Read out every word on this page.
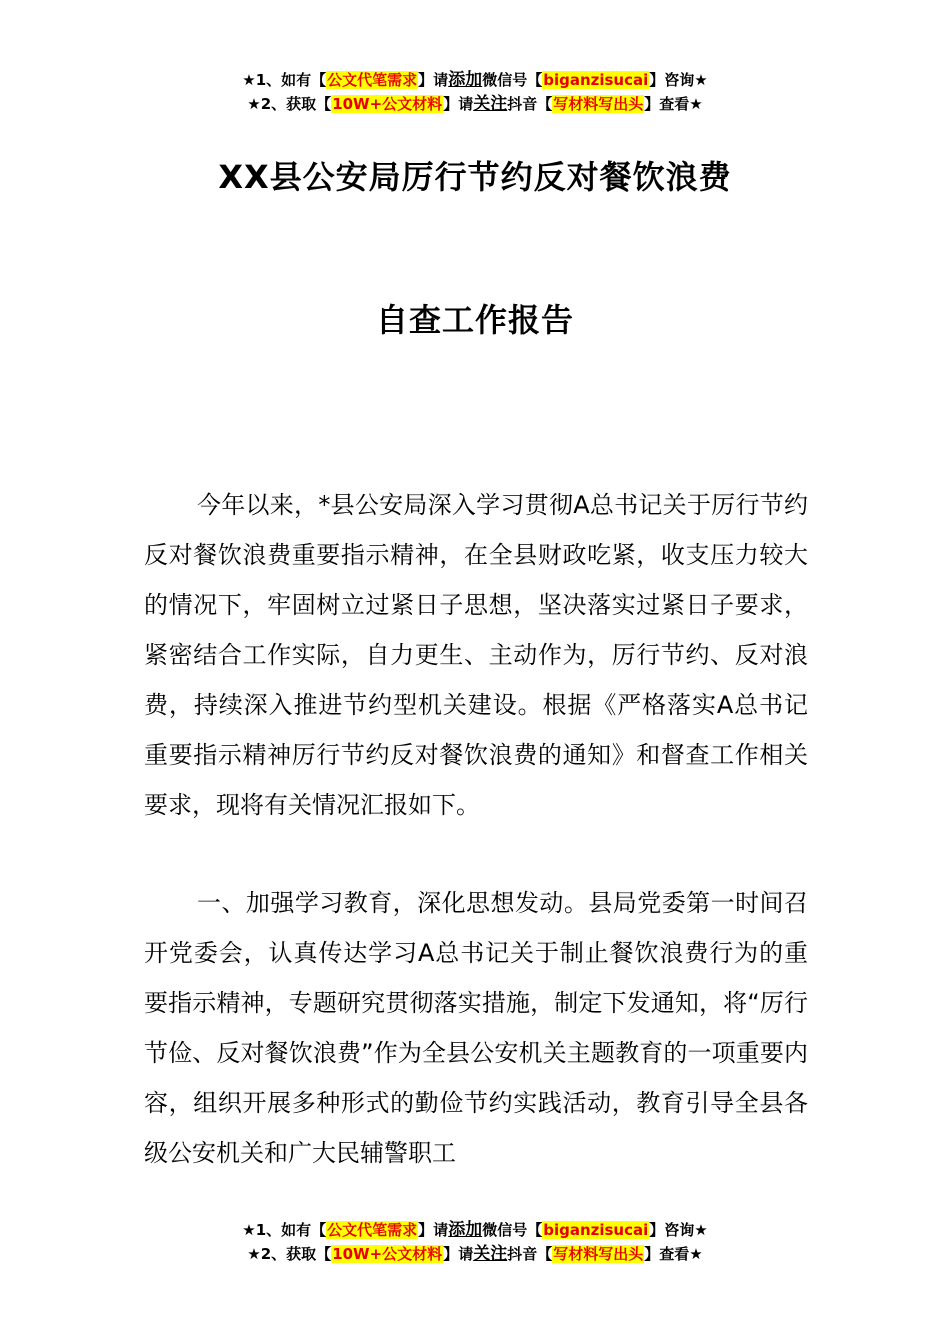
★1、如有【公文代笔需求】请添加微信号【biganzisucai】咨询★
★2、获取【10W+公文材料】请关注抖音【写材料写出头】查看★
XX县公安局厉行节约反对餐饮浪费
自查工作报告

今年以来，*县公安局深入学习贯彻A总书记关于厉行节约反对餐饮浪费重要指示精神，在全县财政吃紧，收支压力较大的情况下，牢固树立过紧日子思想，坚决落实过紧日子要求，紧密结合工作实际，自力更生、主动作为，厉行节约、反对浪费，持续深入推进节约型机关建设。根据《严格落实A总书记重要指示精神厉行节约反对餐饮浪费的通知》和督查工作相关要求，现将有关情况汇报如下。

一、加强学习教育，深化思想发动。县局党委第一时间召开党委会，认真传达学习A总书记关于制止餐饮浪费行为的重要指示精神，专题研究贯彻落实措施，制定下发通知，将“厉行节俭、反对餐饮浪费”作为全县公安机关主题教育的一项重要内容，组织开展多种形式的勤俭节约实践活动，教育引导全县各级公安机关和广大民辅警职工

★1、如有【公文代笔需求】请添加微信号【biganzisucai】咨询★
★2、获取【10W+公文材料】请关注抖音【写材料写出头】查看★
